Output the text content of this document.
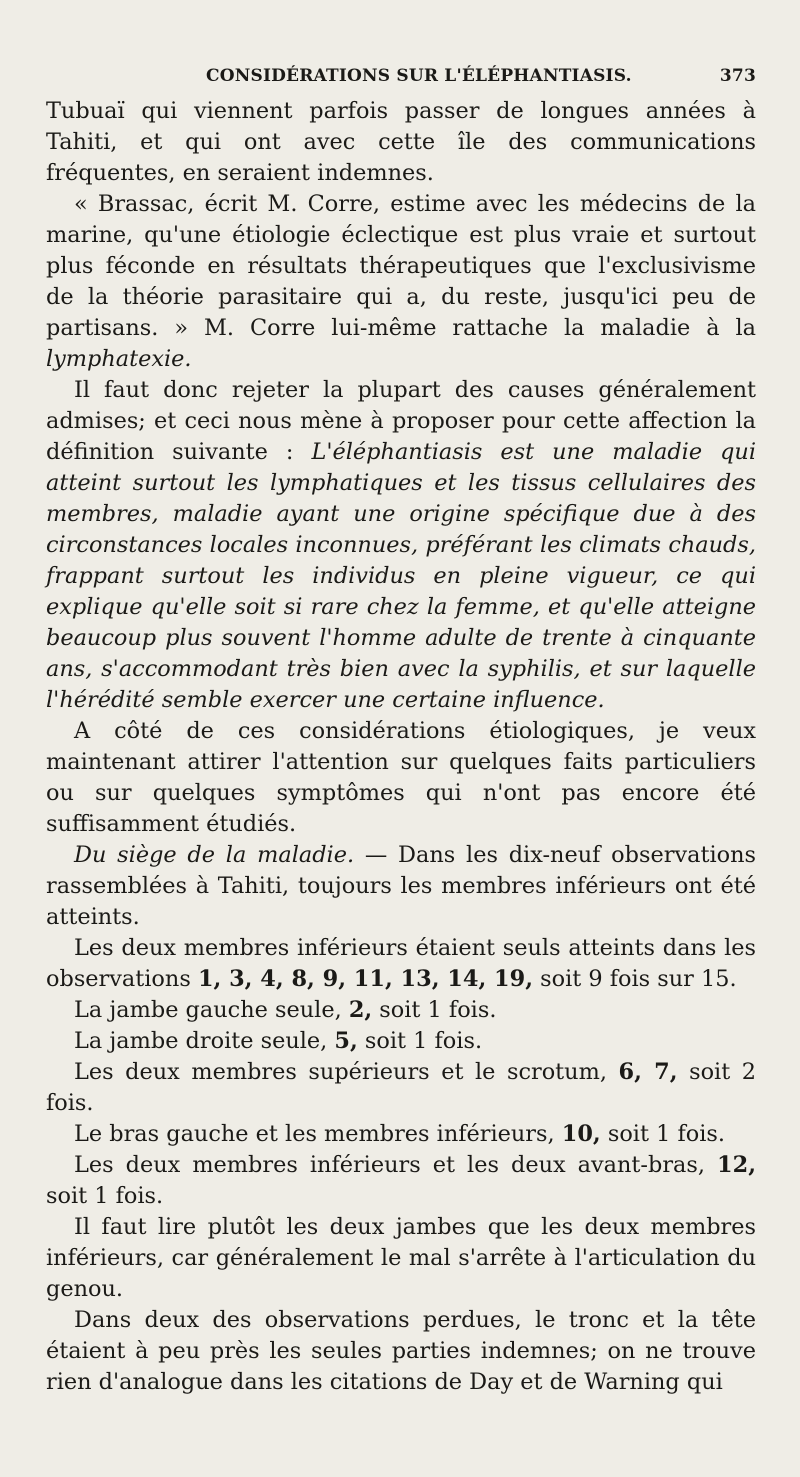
CONSIDÉRATIONS SUR L'ÉLÉPHANTIASIS.	373

Tubuaï qui viennent parfois passer de longues années à Tahiti, et qui ont avec cette île des communications fréquentes, en seraient indemnes.

« Brassac, écrit M. Corre, estime avec les médecins de la marine, qu'une étiologie éclectique est plus vraie et surtout plus féconde en résultats thérapeutiques que l'exclusivisme de la théorie parasitaire qui a, du reste, jusqu'ici peu de partisans. » M. Corre lui-même rattache la maladie à la lymphatexie.

Il faut donc rejeter la plupart des causes généralement admises; et ceci nous mène à proposer pour cette affection la définition suivante : L'éléphantiasis est une maladie qui atteint surtout les lymphatiques et les tissus cellulaires des membres, maladie ayant une origine spécifique due à des circonstances locales inconnues, préférant les climats chauds, frappant surtout les individus en pleine vigueur, ce qui explique qu'elle soit si rare chez la femme, et qu'elle atteigne beaucoup plus souvent l'homme adulte de trente à cinquante ans, s'accommodant très bien avec la syphilis, et sur laquelle l'hérédité semble exercer une certaine influence.

A côté de ces considérations étiologiques, je veux maintenant attirer l'attention sur quelques faits particuliers ou sur quelques symptômes qui n'ont pas encore été suffisamment étudiés.

Du siège de la maladie. — Dans les dix-neuf observations rassemblées à Tahiti, toujours les membres inférieurs ont été atteints.

Les deux membres inférieurs étaient seuls atteints dans les observations 1, 3, 4, 8, 9, 11, 13, 14, 19, soit 9 fois sur 15.

La jambe gauche seule, 2, soit 1 fois.

La jambe droite seule, 5, soit 1 fois.

Les deux membres supérieurs et le scrotum, 6, 7, soit 2 fois.

Le bras gauche et les membres inférieurs, 10, soit 1 fois.

Les deux membres inférieurs et les deux avant-bras, 12, soit 1 fois.

Il faut lire plutôt les deux jambes que les deux membres inférieurs, car généralement le mal s'arrête à l'articulation du genou.

Dans deux des observations perdues, le tronc et la tête étaient à peu près les seules parties indemnes; on ne trouve rien d'analogue dans les citations de Day et de Warning qui
